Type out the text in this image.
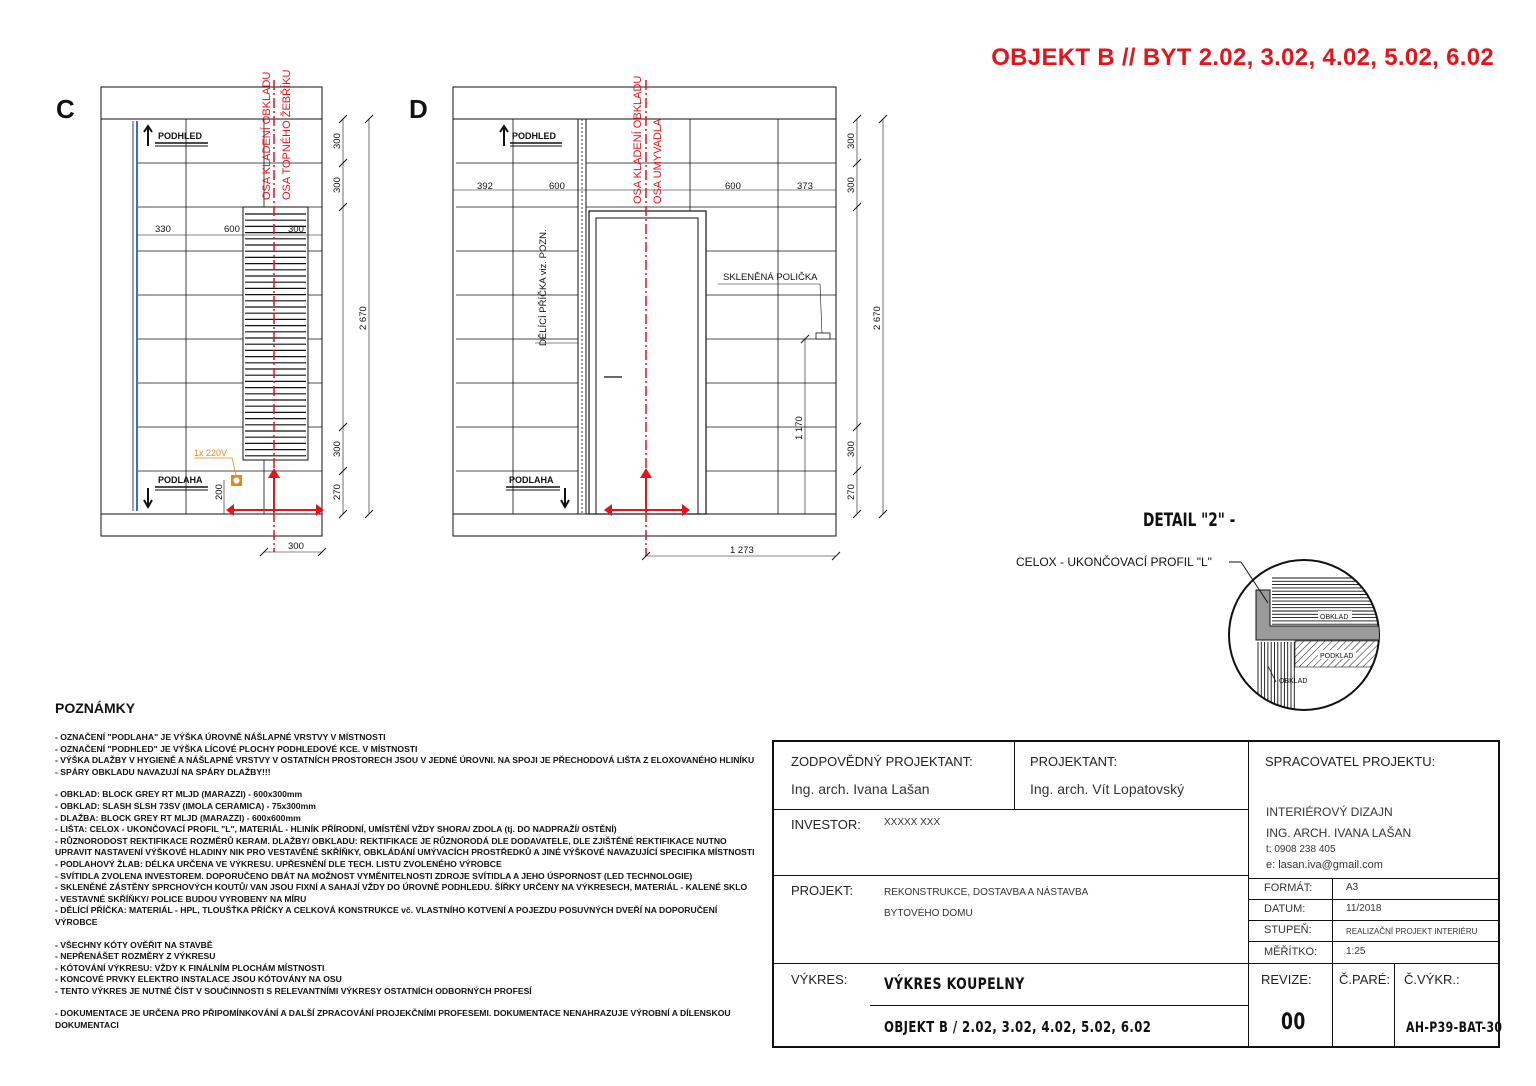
OBJEKT B // BYT 2.02, 3.02, 4.02, 5.02, 6.02
C
330	600	300
PODHLED
PODLAHA
1x 220V
200
OSA KLADENÍ OBKLADU OSA TOPNÉHO ŽEBŘÍKU
300
300
300
300
270
2 670
D
392	600	600	373
DĚLÍCÍ PŘÍČKA viz. POZN.	SKLENĚNÁ POLIČKA
1 170
PODHLED
PODLAHA
OSA KLADENÍ OBKLADU OSA UMYVADLA
1 273
300
300
300
270
2 670
OBKLAD
PODKLAD
OBKLAD
DETAIL "2" -
CELOX - UKONČOVACÍ PROFIL "L"
POZNÁMKY
- OZNAČENÍ "PODLAHA" JE VÝŠKA ÚROVNĚ NÁŠLAPNÉ VRSTVY V MÍSTNOSTI
- OZNAČENÍ "PODHLED" JE VÝŠKA LÍCOVÉ PLOCHY PODHLEDOVÉ KCE. V MÍSTNOSTI
- VÝŠKA DLAŽBY V HYGIENĚ A NÁŠLAPNÉ VRSTVY V OSTATNÍCH PROSTORECH JSOU V JEDNÉ ÚROVNI. NA SPOJI JE PŘECHODOVÁ LIŠTA Z ELOXOVANÉHO HLINÍKU
- SPÁRY OBKLADU NAVAZUJÍ NA SPÁRY DLAŽBY!!!
- OBKLAD: BLOCK GREY RT MLJD (MARAZZI) - 600x300mm
- OBKLAD: SLASH SLSH 73SV (IMOLA CERAMICA) - 75x300mm
- DLAŽBA: BLOCK GREY RT MLJD (MARAZZI) - 600x600mm
- LIŠTA: CELOX - UKONČOVACÍ PROFIL "L", MATERIÁL - HLINÍK PŘÍRODNÍ, UMÍSTĚNÍ VŽDY SHORA/ ZDOLA (tj. DO NADPRAŽÍ/ OSTĚNÍ)
- RŮZNORODOST REKTIFIKACE ROZMĚRŮ KERAM. DLAŽBY/ OBKLADU: REKTIFIKACE JE RŮZNORODÁ DLE DODAVATELE, DLE ZJIŠTĚNÉ REKTIFIKACE NUTNO UPRAVIT NASTAVENÍ VÝŠKOVÉ HLADINY NIK PRO VESTAVĚNÉ SKŘÍŇKY, OBKLÁDÁNÍ UMÝVACÍCH PROSTŘEDKŮ A JINÉ VÝŠKOVÉ NAVAZUJÍCÍ SPECIFIKA MÍSTNOSTI
- PODLAHOVÝ ŽLAB: DÉLKA URČENA VE VÝKRESU. UPŘESNĚNÍ DLE TECH. LISTU ZVOLENÉHO VÝROBCE
- SVÍTIDLA ZVOLENA INVESTOREM. DOPORUČENO DBÁT NA MOŽNOST VYMĚNITELNOSTI ZDROJE SVÍTIDLA A JEHO ÚSPORNOST (LED TECHNOLOGIE)
- SKLENĚNÉ ZÁSTĚNY SPRCHOVÝCH KOUTŮ/ VAN JSOU FIXNÍ A SAHAJÍ VŽDY DO ÚROVNĚ PODHLEDU. ŠÍŘKY URČENY NA VÝKRESECH, MATERIÁL - KALENÉ SKLO
- VESTAVNÉ SKŘÍŇKY/ POLICE BUDOU VYROBENY NA MÍRU
- DĚLÍCÍ PŘÍČKA: MATERIÁL - HPL, TLOUŠŤKA PŘÍČKY A CELKOVÁ KONSTRUKCE vč. VLASTNÍHO KOTVENÍ A POJEZDU POSUVNÝCH DVEŘÍ NA DOPORUČENÍ VÝROBCE
- VŠECHNY KÓTY OVĚŘIT NA STAVBĚ
- NEPŘENÁŠET ROZMĚRY Z VÝKRESU
- KÓTOVÁNÍ VÝKRESU: VŽDY K FINÁLNÍM PLOCHÁM MÍSTNOSTI
- KONCOVÉ PRVKY ELEKTRO INSTALACE JSOU KÓTOVÁNY NA OSU
- TENTO VÝKRES JE NUTNÉ ČÍST V SOUČINNOSTI S RELEVANTNÍMI VÝKRESY OSTATNÍCH ODBORNÝCH PROFESÍ
- DOKUMENTACE JE URČENA PRO PŘIPOMÍNKOVÁNÍ A DALŠÍ ZPRACOVÁNÍ PROJEKČNÍMI PROFESEMI. DOKUMENTACE NENAHRAZUJE VÝROBNÍ A DÍLENSKOU DOKUMENTACI
ZODPOVĚDNÝ PROJEKTANT:
Ing. arch. Ivana Lašan
PROJEKTANT:
Ing. arch. Vít Lopatovský
SPRACOVATEL PROJEKTU:
INTERIÉROVÝ DIZAJN
ING. ARCH. IVANA LAŠAN
t: 0908 238 405
e: lasan.iva@gmail.com
INVESTOR: XXXXX XXX
PROJEKT:	REKONSTRUKCE, DOSTAVBA A NÁSTAVBA
BYTOVÉHO DOMU
FORMÁT:	A3
DATUM:	11/2018
STUPEŇ:	REALIZAČNÍ PROJEKT INTERIÉRU
MĚŘÍTKO:	1:25
VÝKRES: VÝKRES KOUPELNY
OBJEKT B / 2.02, 3.02, 4.02, 5.02, 6.02
REVIZE:
00
Č.PARÉ: Č.VÝKR.:
AH-P39-BAT-30
